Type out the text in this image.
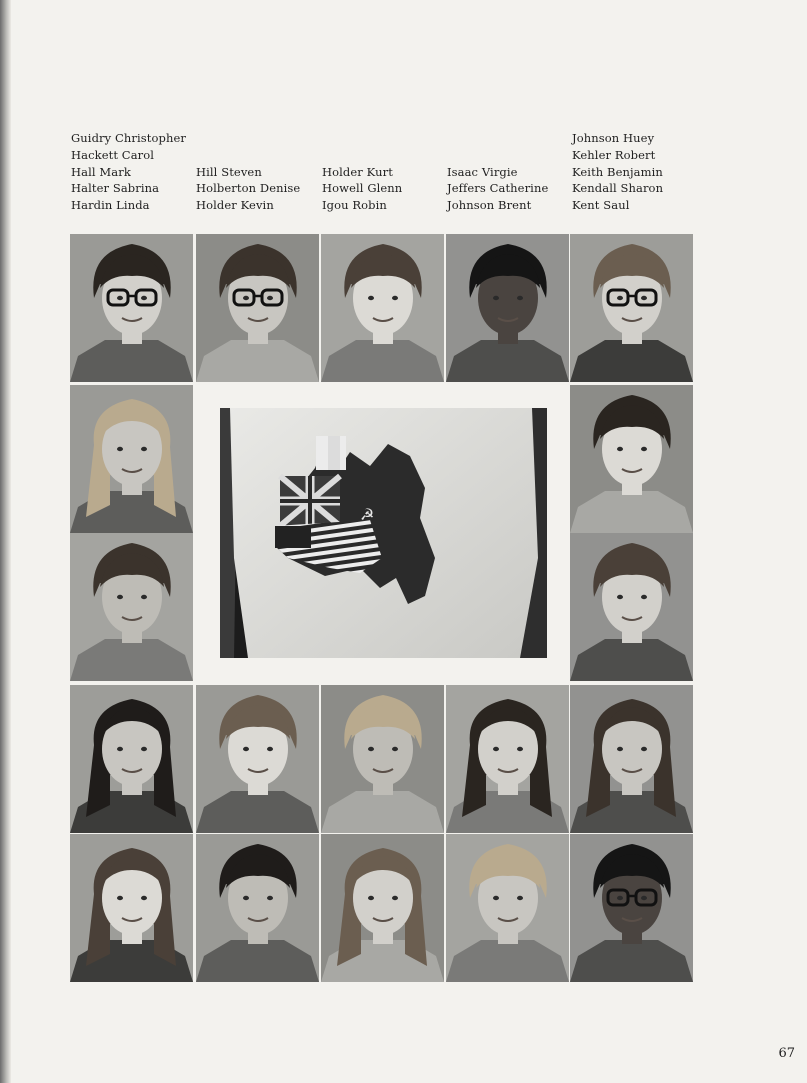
Guidry Christopher
Hackett Carol
Hall Mark
Halter Sabrina
Hardin Linda
Hill Steven
Holberton Denise
Holder Kevin
Holder Kurt
Howell Glenn
Igou Robin
Isaac Virgie
Jeffers Catherine
Johnson Brent
Johnson Huey
Kehler Robert
Keith Benjamin
Kendall Sharon
Kent Saul
☭
67
